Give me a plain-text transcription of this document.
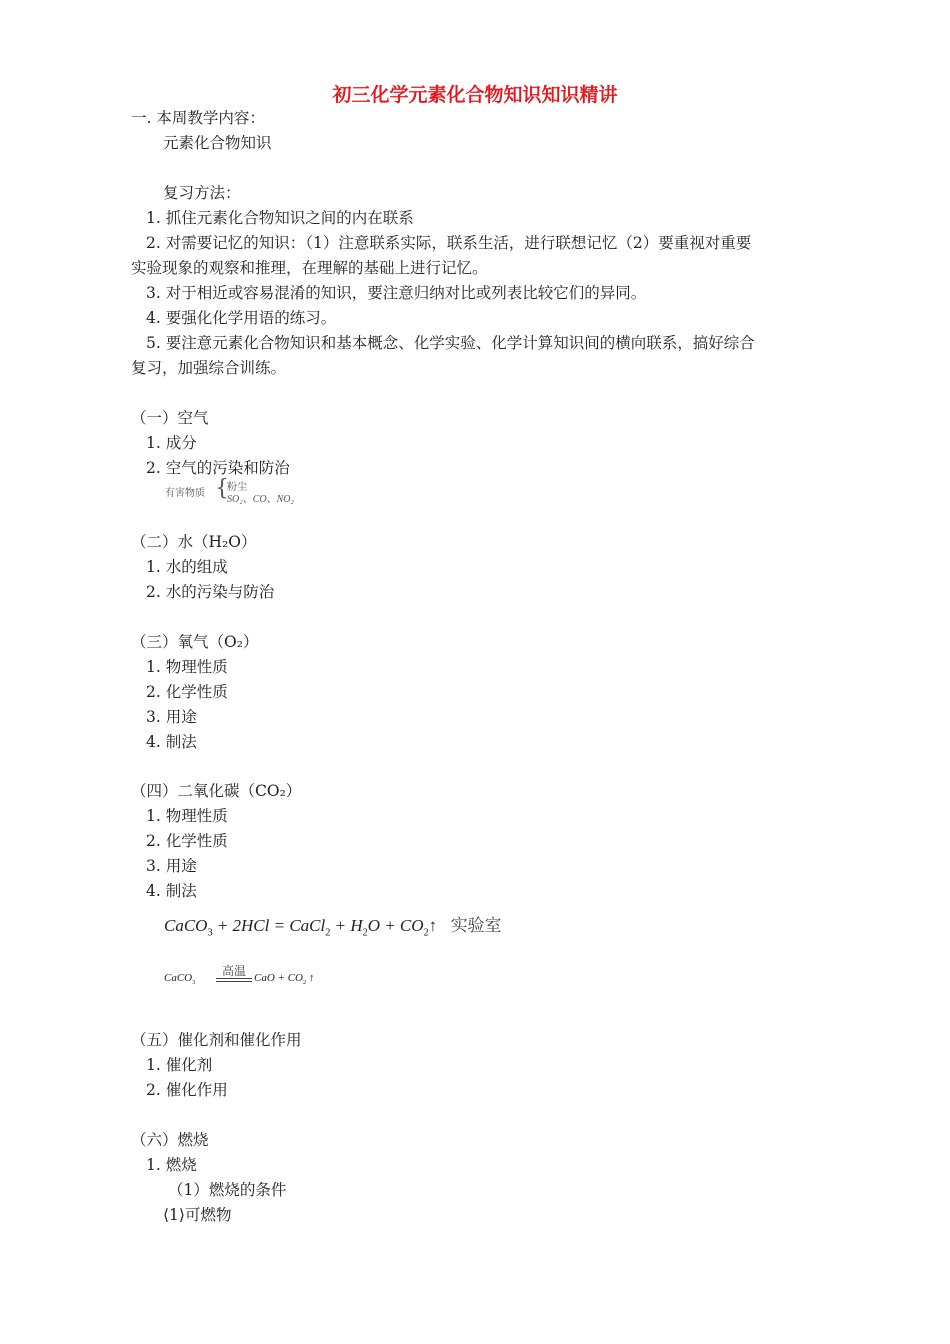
初三化学元素化合物知识知识精讲
一. 本周教学内容：
元素化合物知识
复习方法：
1. 抓住元素化合物知识之间的内在联系
2. 对需要记忆的知识：（1）注意联系实际，联系生活，进行联想记忆（2）要重视对重要
实验现象的观察和推理，在理解的基础上进行记忆。
3. 对于相近或容易混淆的知识，要注意归纳对比或列表比较它们的异同。
4. 要强化化学用语的练习。
5. 要注意元素化合物知识和基本概念、化学实验、化学计算知识间的横向联系，搞好综合
复习，加强综合训练。
（一）空气
1. 成分
2. 空气的污染和防治
有害物质 {
粉尘
SO₂、CO、NO₂
（二）水（H₂O）
1. 水的组成
2. 水的污染与防治
（三）氧气（O₂）
1. 物理性质
2. 化学性质
3. 用途
4. 制法
（四）二氧化碳（CO₂）
1. 物理性质
2. 化学性质
3. 用途
4. 制法
CaCO$_3$ + 2HCl = CaCl$_2$ + $H_2O$ + $CO_2↑$ 实验室
CaCO$_3$
高温 CaO + $CO_2$ ↑
（五）催化剂和催化作用
1. 催化剂
2. 催化作用
（六）燃烧
1. 燃烧
（1）燃烧的条件
⟨1⟩可燃物
